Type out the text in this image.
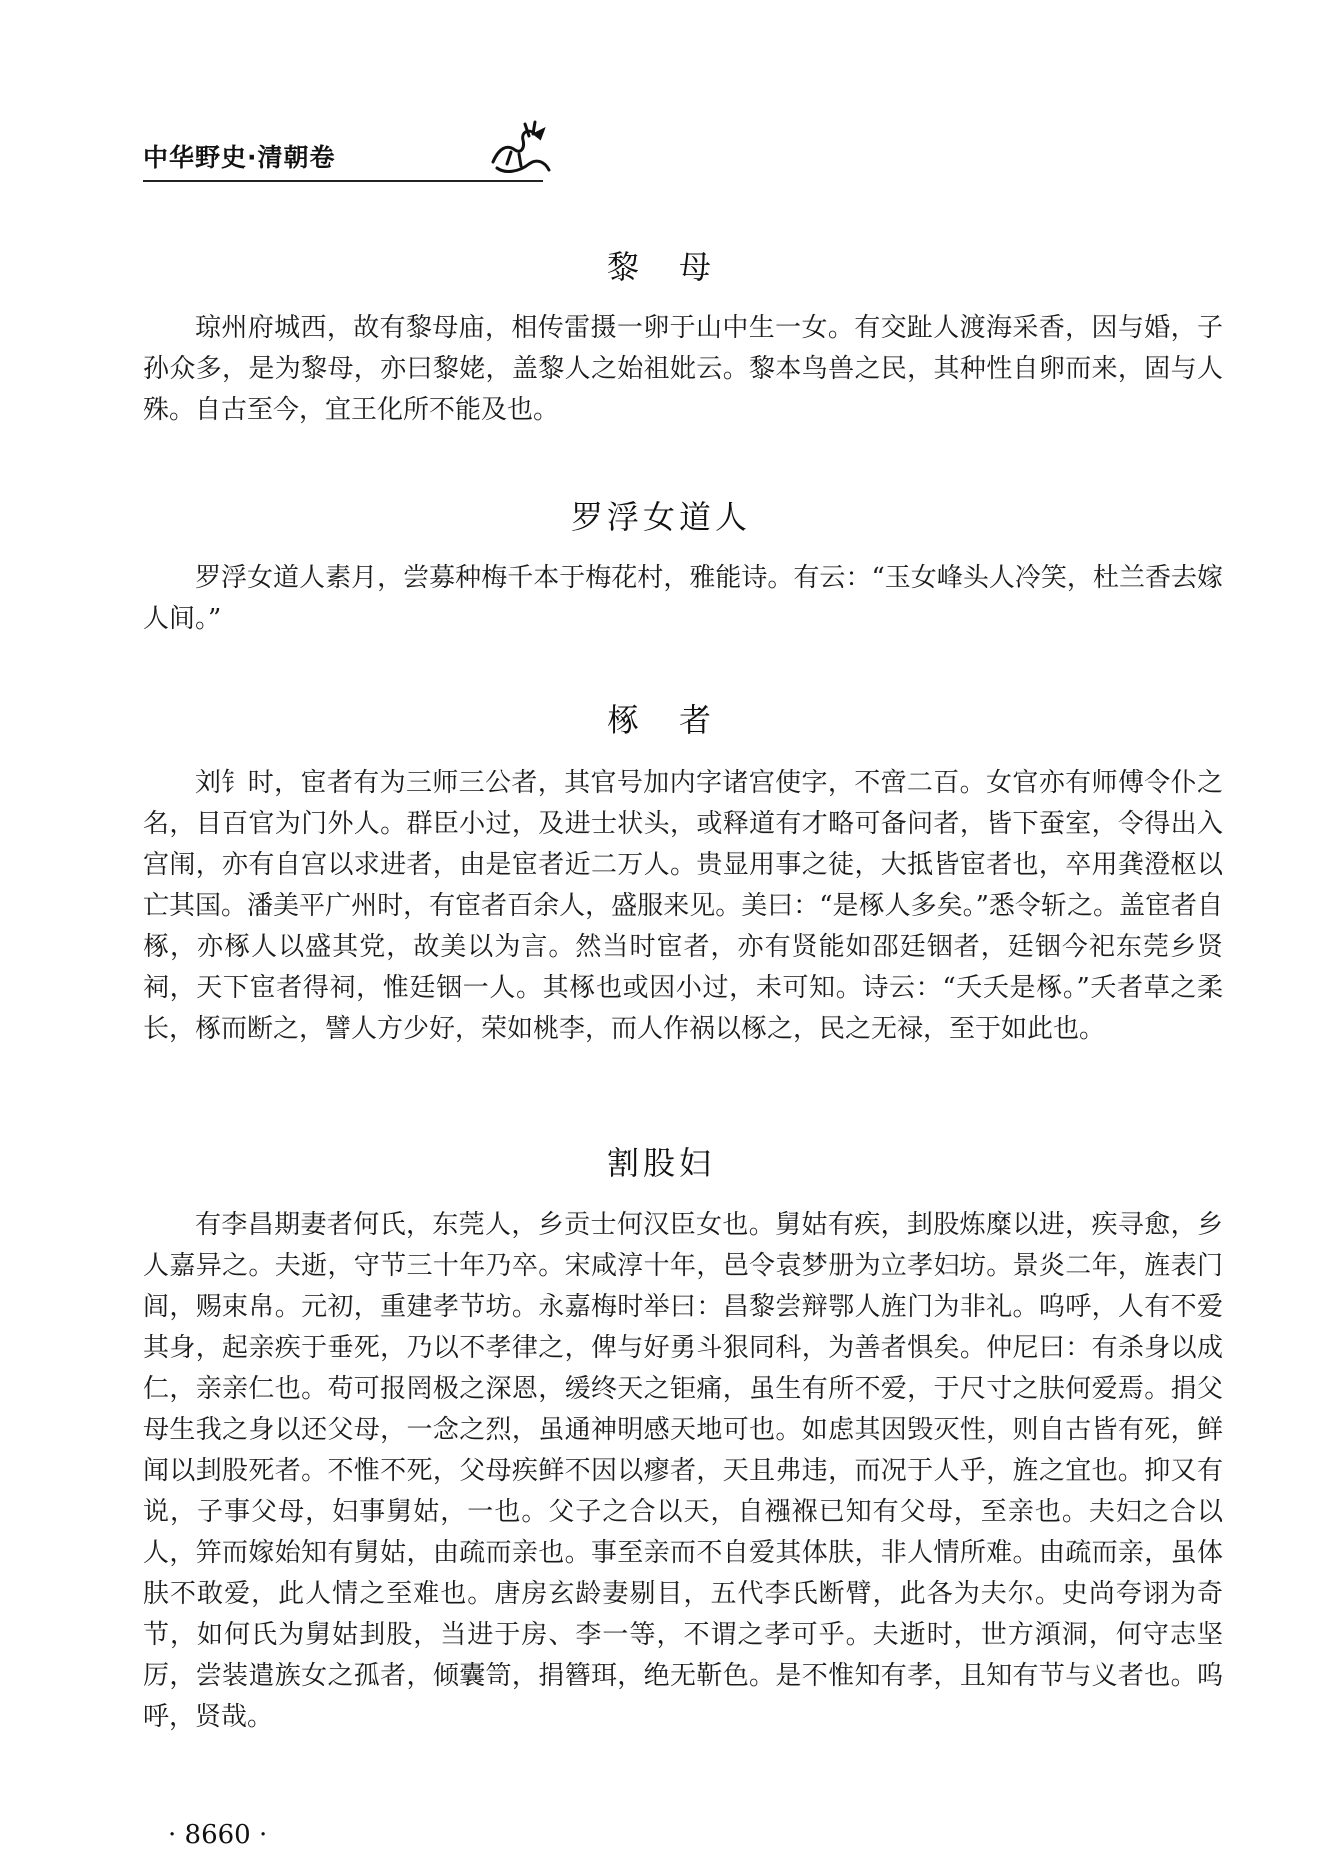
中华野史·清朝卷
黎　母

琼州府城西，故有黎母庙，相传雷摄一卵于山中生一女。有交趾人渡海采香，因与婚，子孙众多，是为黎母，亦曰黎姥，盖黎人之始祖妣云。黎本鸟兽之民，其种性自卵而来，固与人殊。自古至今，宜王化所不能及也。

罗浮女道人

罗浮女道人素月，尝募种梅千本于梅花村，雅能诗。有云：“玉女峰头人冷笑，杜兰香去嫁人间。”

椓　者

刘钅时，宦者有为三师三公者，其官号加内字诸宫使字，不啻二百。女官亦有师傅令仆之名，目百官为门外人。群臣小过，及进士状头，或释道有才略可备问者，皆下蚕室，令得出入宫闱，亦有自宫以求进者，由是宦者近二万人。贵显用事之徒，大抵皆宦者也，卒用龚澄枢以亡其国。潘美平广州时，有宦者百余人，盛服来见。美曰：“是椓人多矣。”悉令斩之。盖宦者自椓，亦椓人以盛其党，故美以为言。然当时宦者，亦有贤能如邵廷铟者，廷铟今祀东莞乡贤祠，天下宦者得祠，惟廷铟一人。其椓也或因小过，未可知。诗云：“夭夭是椓。”夭者草之柔长，椓而断之，譬人方少好，荣如桃李，而人作祸以椓之，民之无禄，至于如此也。

割股妇

有李昌期妻者何氏，东莞人，乡贡士何汉臣女也。舅姑有疾，刲股炼糜以进，疾寻愈，乡人嘉异之。夫逝，守节三十年乃卒。宋咸淳十年，邑令袁梦册为立孝妇坊。景炎二年，旌表门闾，赐束帛。元初，重建孝节坊。永嘉梅时举曰：昌黎尝辩鄂人旌门为非礼。呜呼，人有不爱其身，起亲疾于垂死，乃以不孝律之，俾与好勇斗狠同科，为善者惧矣。仲尼曰：有杀身以成仁，亲亲仁也。苟可报罔极之深恩，缓终天之钜痛，虽生有所不爱，于尺寸之肤何爱焉。捐父母生我之身以还父母，一念之烈，虽通神明感天地可也。如虑其因毁灭性，则自古皆有死，鲜闻以刲股死者。不惟不死，父母疾鲜不因以瘳者，天且弗违，而况于人乎，旌之宜也。抑又有说，子事父母，妇事舅姑，一也。父子之合以天，自襁褓已知有父母，至亲也。夫妇之合以人，笄而嫁始知有舅姑，由疏而亲也。事至亲而不自爱其体肤，非人情所难。由疏而亲，虽体肤不敢爱，此人情之至难也。唐房玄龄妻剔目，五代李氏断臂，此各为夫尔。史尚夸诩为奇节，如何氏为舅姑刲股，当进于房、李一等，不谓之孝可乎。夫逝时，世方澒洞，何守志坚厉，尝装遣族女之孤者，倾囊笥，捐簪珥，绝无靳色。是不惟知有孝，且知有节与义者也。呜呼，贤哉。

· 8660 ·
